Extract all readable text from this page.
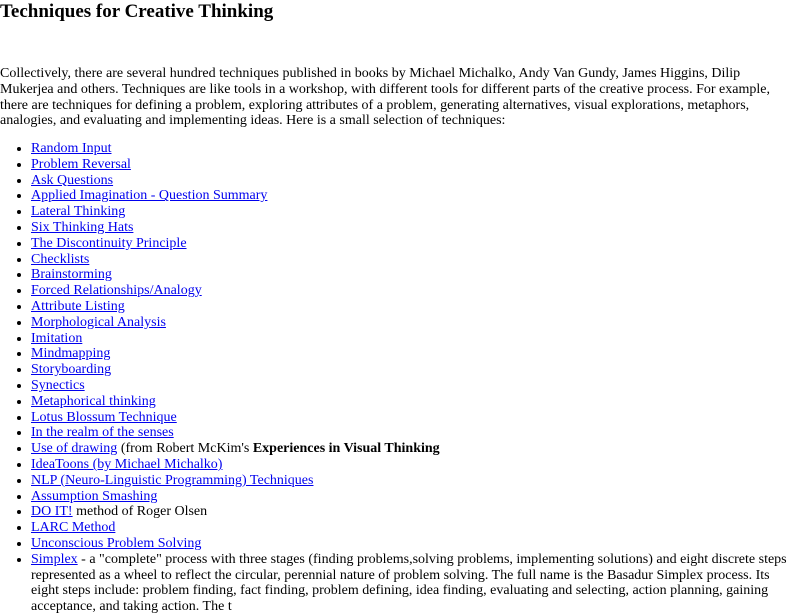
Techniques for Creative Thinking

Collectively, there are several hundred techniques published in books by Michael Michalko, Andy Van Gundy, James Higgins, Dilip Mukerjea and others. Techniques are like tools in a workshop, with different tools for different parts of the creative process. For example, there are techniques for defining a problem, exploring attributes of a problem, generating alternatives, visual explorations, metaphors, analogies, and evaluating and implementing ideas. Here is a small selection of techniques:

• Random Input
• Problem Reversal
• Ask Questions
• Applied Imagination - Question Summary
• Lateral Thinking
• Six Thinking Hats
• The Discontinuity Principle
• Checklists
• Brainstorming
• Forced Relationships/Analogy
• Attribute Listing
• Morphological Analysis
• Imitation
• Mindmapping
• Storyboarding
• Synectics
• Metaphorical thinking
• Lotus Blossum Technique
• In the realm of the senses
• Use of drawing (from Robert McKim's Experiences in Visual Thinking
• IdeaToons (by Michael Michalko)
• NLP (Neuro-Linguistic Programming) Techniques
• Assumption Smashing
• DO IT! method of Roger Olsen
• LARC Method
• Unconscious Problem Solving
• Simplex - a "complete" process with three stages (finding problems,solving problems, implementing solutions) and eight discrete steps represented as a wheel to reflect the circular, perennial nature of problem solving. The full name is the Basadur Simplex process. Its eight steps include: problem finding, fact finding, problem defining, idea finding, evaluating and selecting, action planning, gaining acceptance, and taking action. The t
